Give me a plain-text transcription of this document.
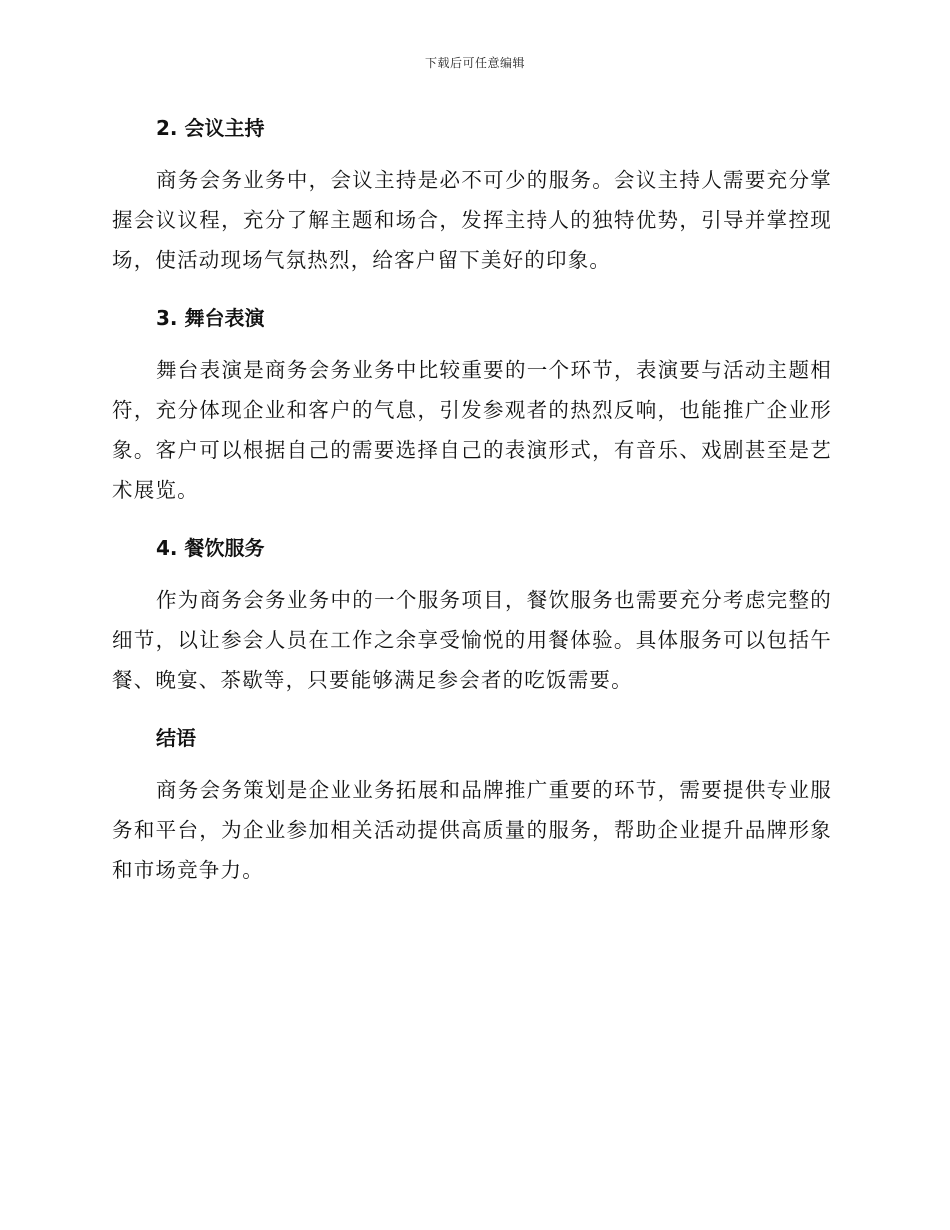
下载后可任意编辑
2. 会议主持

商务会务业务中，会议主持是必不可少的服务。会议主持人需要充分掌握会议议程，充分了解主题和场合，发挥主持人的独特优势，引导并掌控现场，使活动现场气氛热烈，给客户留下美好的印象。

3. 舞台表演

舞台表演是商务会务业务中比较重要的一个环节，表演要与活动主题相符，充分体现企业和客户的气息，引发参观者的热烈反响，也能推广企业形象。客户可以根据自己的需要选择自己的表演形式，有音乐、戏剧甚至是艺术展览。

4. 餐饮服务

作为商务会务业务中的一个服务项目，餐饮服务也需要充分考虑完整的细节，以让参会人员在工作之余享受愉悦的用餐体验。具体服务可以包括午餐、晚宴、茶歇等，只要能够满足参会者的吃饭需要。

结语

商务会务策划是企业业务拓展和品牌推广重要的环节，需要提供专业服务和平台，为企业参加相关活动提供高质量的服务，帮助企业提升品牌形象和市场竞争力。
